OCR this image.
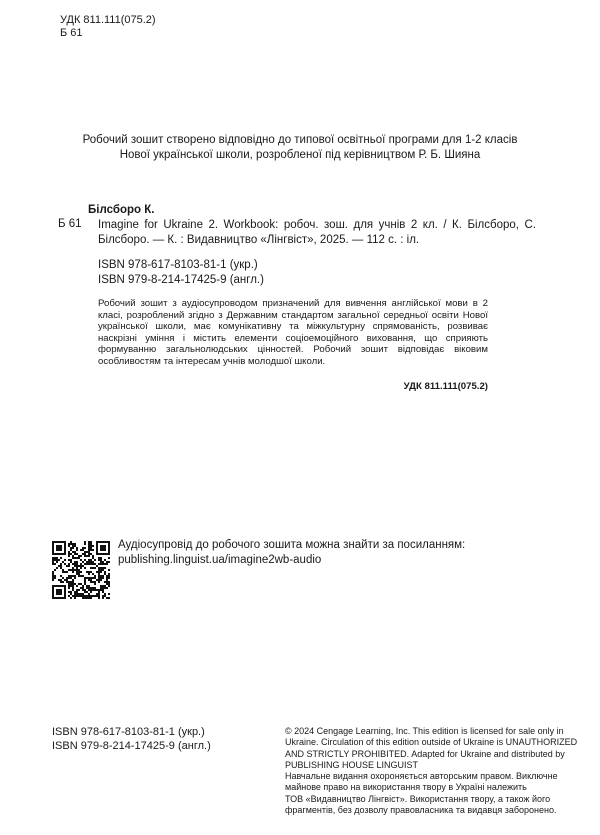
УДК 811.111(075.2)
Б 61
Робочий зошит створено відповідно до типової освітньої програми для 1-2 класів
Нової української школи, розробленої під керівництвом Р. Б. Шияна
Білсборо К.
Б 61 Imagine for Ukraine 2. Workbook: робоч. зош. для учнів 2 кл. / К. Білсборо, С. Білсборо. — К. : Видавництво «Лінгвіст», 2025. — 112 с. : іл.
ISBN 978-617-8103-81-1 (укр.)
ISBN 979-8-214-17425-9 (англ.)
Робочий зошит з аудіосупроводом призначений для вивчення англійської мови в 2 класі, розроблений згідно з Державним стандартом загальної середньої освіти Нової української школи, має комунікативну та міжкультурну спрямованість, розвиває наскрізні уміння і містить елементи соціоемоційного виховання, що сприяють формуванню загальнолюдських цінностей. Робочий зошит відповідає віковим особливостям та інтересам учнів молодшої школи.
УДК 811.111(075.2)
Аудіосупровід до робочого зошита можна знайти за посиланням:
publishing.linguist.ua/imagine2wb-audio
ISBN 978-617-8103-81-1 (укр.)
ISBN 979-8-214-17425-9 (англ.)
© 2024 Cengage Learning, Inc. This edition is licensed for sale only in
Ukraine. Circulation of this edition outside of Ukraine is UNAUTHORIZED
AND STRICTLY PROHIBITED. Adapted for Ukraine and distributed by
PUBLISHING HOUSE LINGUIST
Навчальне видання охороняється авторським правом. Виключне
майнове право на використання твору в Україні належить
ТОВ «Видавництво Лінгвіст». Використання твору, а також його
фрагментів, без дозволу правовласника та видавця заборонено.
